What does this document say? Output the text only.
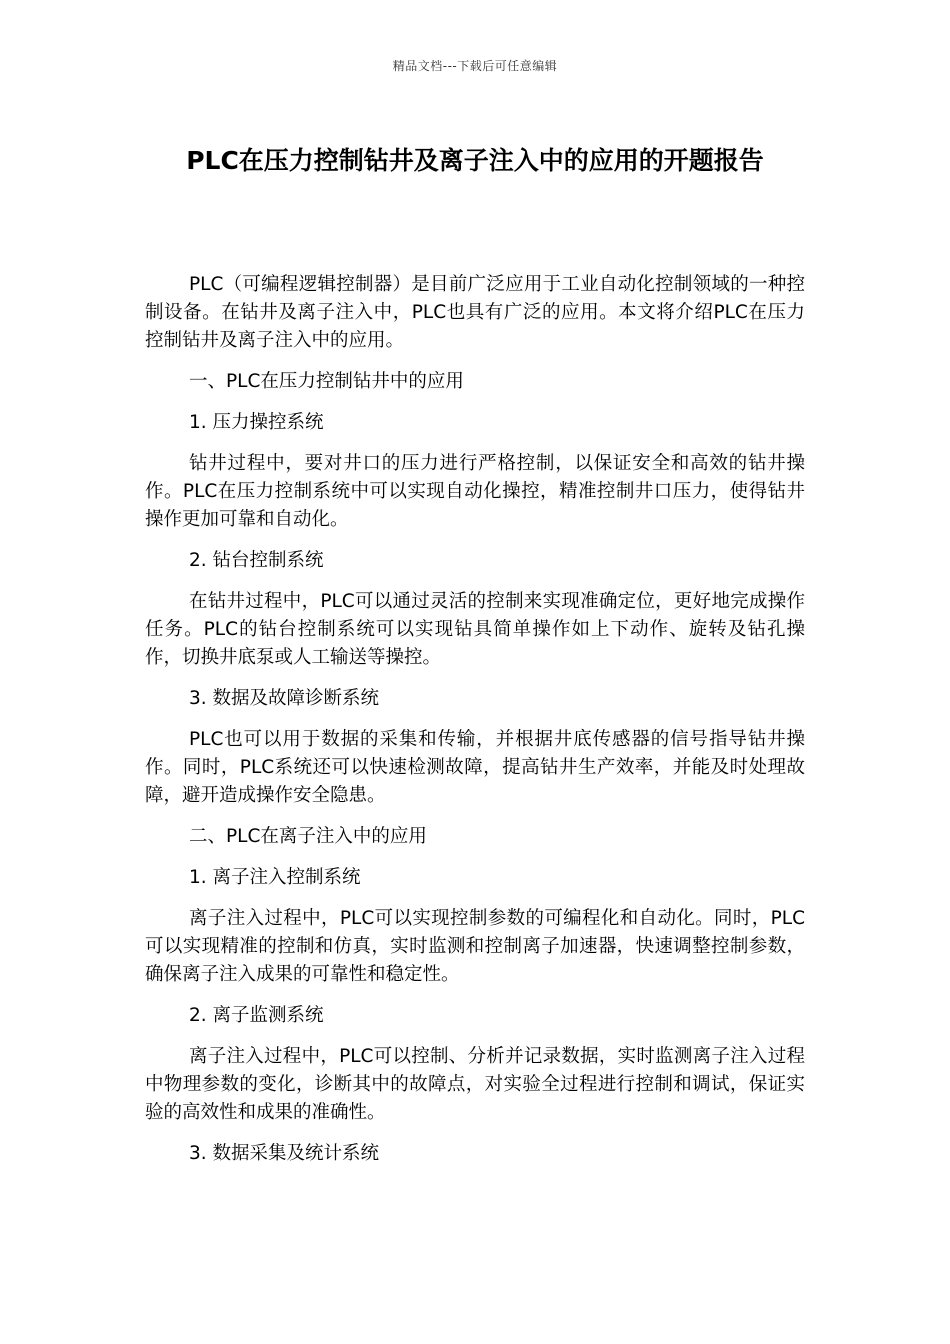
精品文档---下载后可任意编辑
PLC在压力控制钻井及离子注入中的应用的开题报告

PLC（可编程逻辑控制器）是目前广泛应用于工业自动化控制领域的一种控制设备。在钻井及离子注入中，PLC也具有广泛的应用。本文将介绍PLC在压力控制钻井及离子注入中的应用。

一、PLC在压力控制钻井中的应用

1. 压力操控系统

钻井过程中，要对井口的压力进行严格控制，以保证安全和高效的钻井操作。PLC在压力控制系统中可以实现自动化操控，精准控制井口压力，使得钻井操作更加可靠和自动化。

2. 钻台控制系统

在钻井过程中，PLC可以通过灵活的控制来实现准确定位，更好地完成操作任务。PLC的钻台控制系统可以实现钻具简单操作如上下动作、旋转及钻孔操作，切换井底泵或人工输送等操控。

3. 数据及故障诊断系统

PLC也可以用于数据的采集和传输，并根据井底传感器的信号指导钻井操作。同时，PLC系统还可以快速检测故障，提高钻井生产效率，并能及时处理故障，避开造成操作安全隐患。

二、PLC在离子注入中的应用

1. 离子注入控制系统

离子注入过程中，PLC可以实现控制参数的可编程化和自动化。同时，PLC可以实现精准的控制和仿真，实时监测和控制离子加速器，快速调整控制参数，确保离子注入成果的可靠性和稳定性。

2. 离子监测系统

离子注入过程中，PLC可以控制、分析并记录数据，实时监测离子注入过程中物理参数的变化，诊断其中的故障点，对实验全过程进行控制和调试，保证实验的高效性和成果的准确性。

3. 数据采集及统计系统
